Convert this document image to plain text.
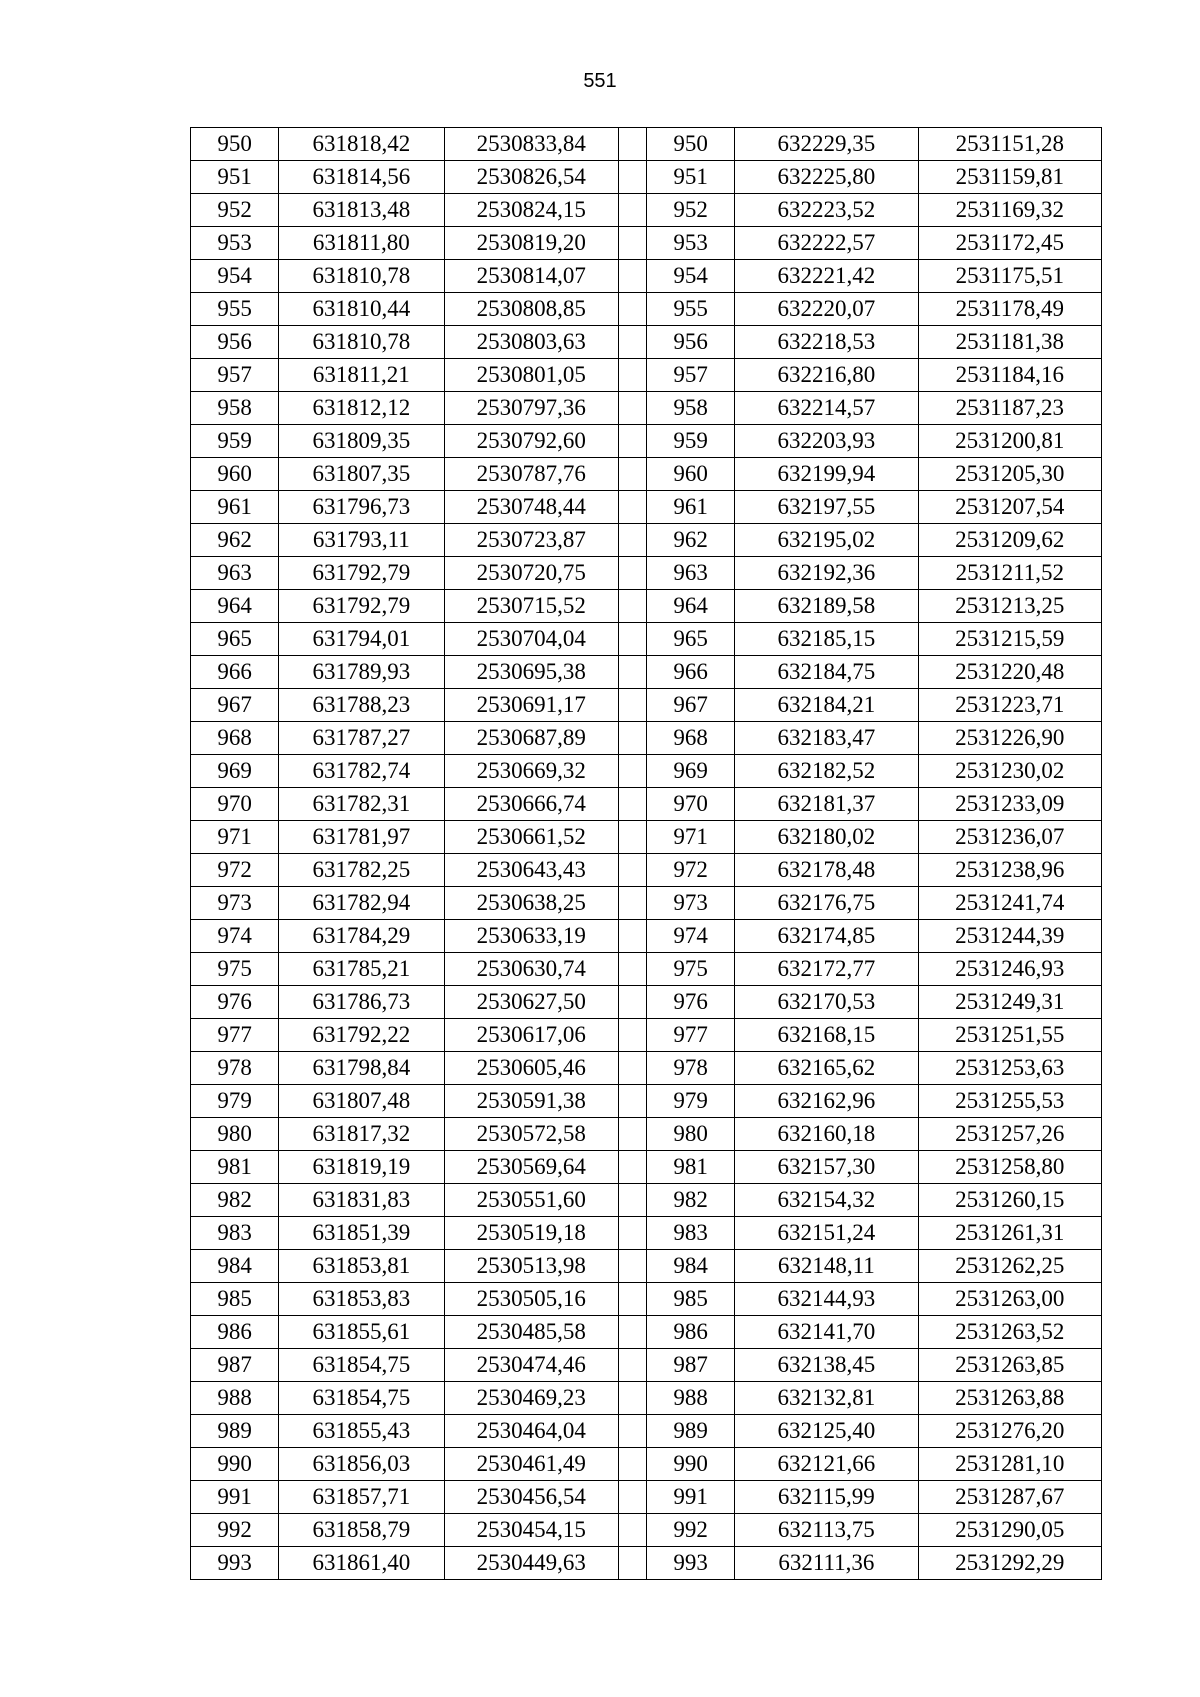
551
950	631818,42	2530833,84		950	632229,35	2531151,28
951	631814,56	2530826,54		951	632225,80	2531159,81
952	631813,48	2530824,15		952	632223,52	2531169,32
953	631811,80	2530819,20		953	632222,57	2531172,45
954	631810,78	2530814,07		954	632221,42	2531175,51
955	631810,44	2530808,85		955	632220,07	2531178,49
956	631810,78	2530803,63		956	632218,53	2531181,38
957	631811,21	2530801,05		957	632216,80	2531184,16
958	631812,12	2530797,36		958	632214,57	2531187,23
959	631809,35	2530792,60		959	632203,93	2531200,81
960	631807,35	2530787,76		960	632199,94	2531205,30
961	631796,73	2530748,44		961	632197,55	2531207,54
962	631793,11	2530723,87		962	632195,02	2531209,62
963	631792,79	2530720,75		963	632192,36	2531211,52
964	631792,79	2530715,52		964	632189,58	2531213,25
965	631794,01	2530704,04		965	632185,15	2531215,59
966	631789,93	2530695,38		966	632184,75	2531220,48
967	631788,23	2530691,17		967	632184,21	2531223,71
968	631787,27	2530687,89		968	632183,47	2531226,90
969	631782,74	2530669,32		969	632182,52	2531230,02
970	631782,31	2530666,74		970	632181,37	2531233,09
971	631781,97	2530661,52		971	632180,02	2531236,07
972	631782,25	2530643,43		972	632178,48	2531238,96
973	631782,94	2530638,25		973	632176,75	2531241,74
974	631784,29	2530633,19		974	632174,85	2531244,39
975	631785,21	2530630,74		975	632172,77	2531246,93
976	631786,73	2530627,50		976	632170,53	2531249,31
977	631792,22	2530617,06		977	632168,15	2531251,55
978	631798,84	2530605,46		978	632165,62	2531253,63
979	631807,48	2530591,38		979	632162,96	2531255,53
980	631817,32	2530572,58		980	632160,18	2531257,26
981	631819,19	2530569,64		981	632157,30	2531258,80
982	631831,83	2530551,60		982	632154,32	2531260,15
983	631851,39	2530519,18		983	632151,24	2531261,31
984	631853,81	2530513,98		984	632148,11	2531262,25
985	631853,83	2530505,16		985	632144,93	2531263,00
986	631855,61	2530485,58		986	632141,70	2531263,52
987	631854,75	2530474,46		987	632138,45	2531263,85
988	631854,75	2530469,23		988	632132,81	2531263,88
989	631855,43	2530464,04		989	632125,40	2531276,20
990	631856,03	2530461,49		990	632121,66	2531281,10
991	631857,71	2530456,54		991	632115,99	2531287,67
992	631858,79	2530454,15		992	632113,75	2531290,05
993	631861,40	2530449,63		993	632111,36	2531292,29
